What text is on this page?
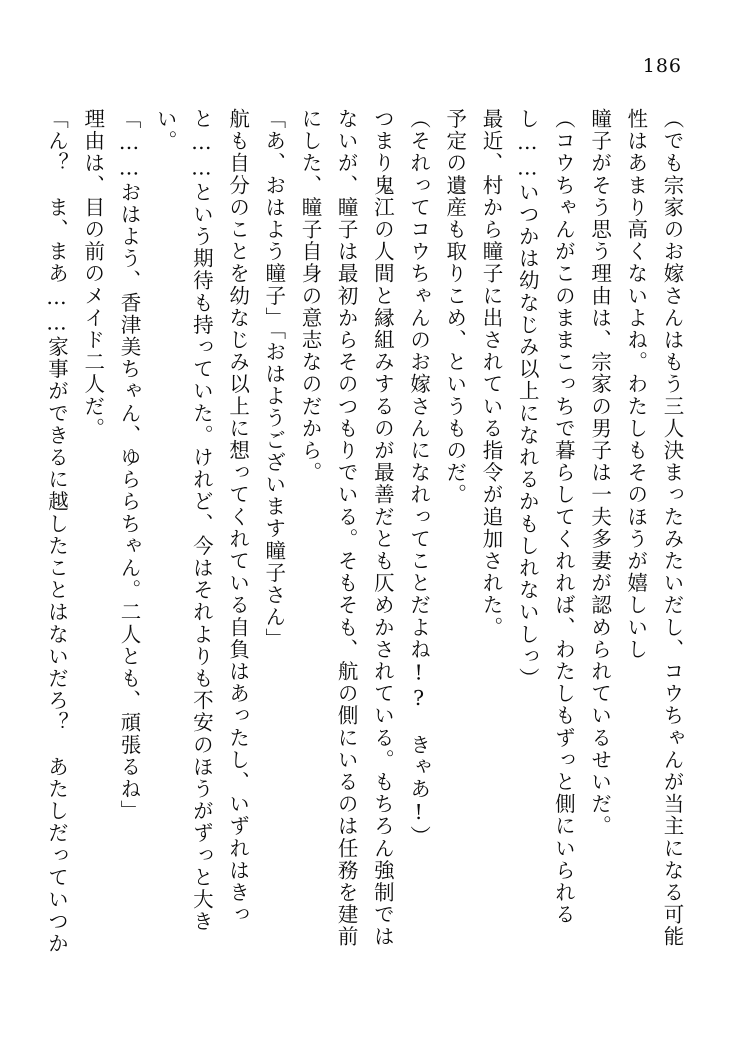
186

（でも宗家のお嫁さんはもう三人決まったみたいだし、コウちゃんが当主になる可能性はあまり高くないよね。わたしもそのほうが嬉しいし

瞳子がそう思う理由は、宗家の男子は一夫多妻が認められているせいだ。

（コウちゃんがこのままこっちで暮らしてくれれば、わたしもずっと側にいられるし……いつかは幼なじみ以上になれるかもしれないしっ）

最近、村から瞳子に出されている指令が追加された。

予定の遺産も取りこめ、というものだ。

（それってコウちゃんのお嫁さんになれってことだよね!?　きゃあ!）

つまり鬼江の人間と縁組みするのが最善だとも仄めかされている。もちろん強制ではないが、瞳子は最初からそのつもりでいる。そもそも、航の側にいるのは任務を建前にした、瞳子自身の意志なのだから。

「あ、おはよう瞳子」「おはようございます瞳子さん」

航も自分のことを幼なじみ以上に想ってくれている自負はあったし、いずれはきっと……という期待も持っていた。けれど、今はそれよりも不安のほうがずっと大きい。

「……おはよう、香津美ちゃん、ゆららちゃん。二人とも、頑張るね」

理由は、目の前のメイド二人だ。

「ん？　ま、まあ……家事ができるに越したことはないだろ？　あたしだっていつか
